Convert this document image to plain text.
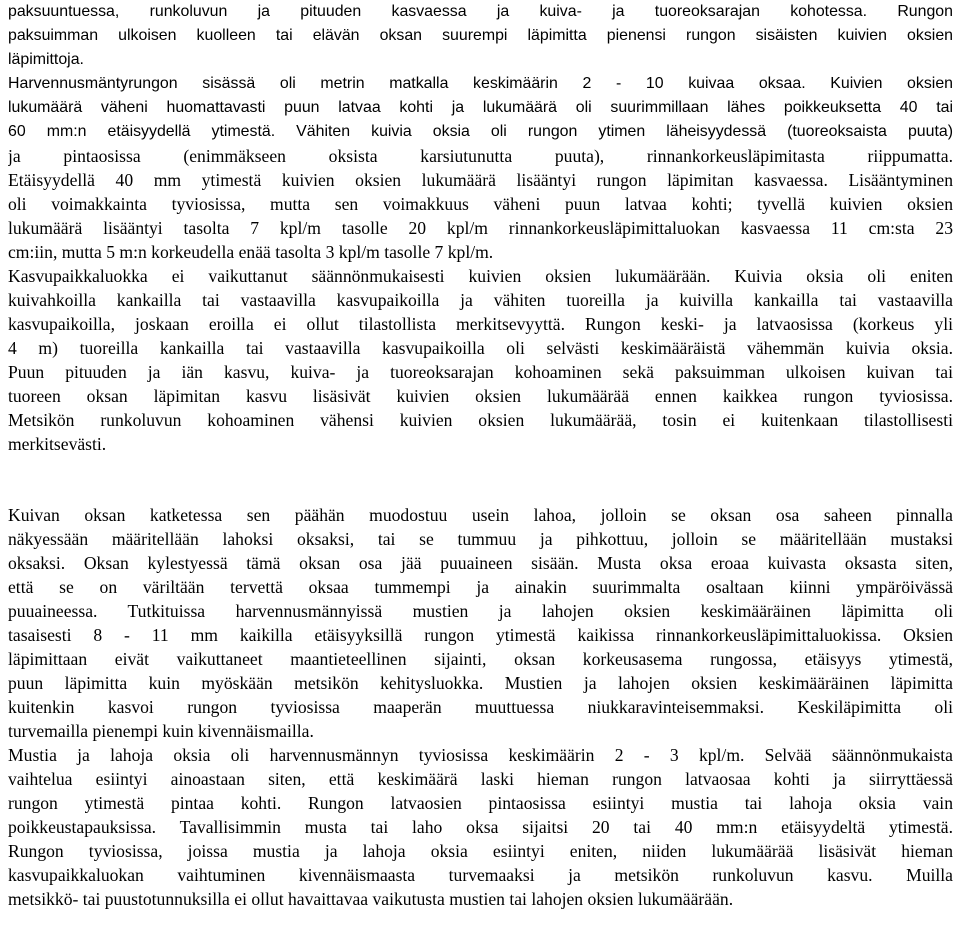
paksuuntuessa, runkoluvun ja pituuden kasvaessa ja kuiva- ja tuoreoksarajan kohotessa. Rungon
paksuimman ulkoisen kuolleen tai elävän oksan suurempi läpimitta pienensi rungon sisäisten kuivien oksien
läpimittoja.
Harvennusmäntyrungon sisässä oli metrin matkalla keskimäärin 2 - 10 kuivaa oksaa. Kuivien oksien
lukumäärä väheni huomattavasti puun latvaa kohti ja lukumäärä oli suurimmillaan lähes poikkeuksetta 40 tai
60 mm:n etäisyydellä ytimestä. Vähiten kuivia oksia oli rungon ytimen läheisyydessä (tuoreoksaista puuta)
ja pintaosissa (enimmäkseen oksista karsiutunutta puuta), rinnankorkeusläpimitasta riippumatta.
Etäisyydellä 40 mm ytimestä kuivien oksien lukumäärä lisääntyi rungon läpimitan kasvaessa. Lisääntyminen
oli voimakkainta tyviosissa, mutta sen voimakkuus väheni puun latvaa kohti; tyvellä kuivien oksien
lukumäärä lisääntyi tasolta 7 kpl/m tasolle 20 kpl/m rinnankorkeusläpimittaluokan kasvaessa 11 cm:sta 23
cm:iin, mutta 5 m:n korkeudella enää tasolta 3 kpl/m tasolle 7 kpl/m.
Kasvupaikkaluokka ei vaikuttanut säännönmukaisesti kuivien oksien lukumäärään. Kuivia oksia oli eniten
kuivahkoilla kankailla tai vastaavilla kasvupaikoilla ja vähiten tuoreilla ja kuivilla kankailla tai vastaavilla
kasvupaikoilla, joskaan eroilla ei ollut tilastollista merkitsevyyttä. Rungon keski- ja latvaosissa (korkeus yli
4 m) tuoreilla kankailla tai vastaavilla kasvupaikoilla oli selvästi keskimääräistä vähemmän kuivia oksia.
Puun pituuden ja iän kasvu, kuiva- ja tuoreoksarajan kohoaminen sekä paksuimman ulkoisen kuivan tai
tuoreen oksan läpimitan kasvu lisäsivät kuivien oksien lukumäärää ennen kaikkea rungon tyviosissa.
Metsikön runkoluvun kohoaminen vähensi kuivien oksien lukumäärää, tosin ei kuitenkaan tilastollisesti
merkitsevästi.
Kuivan oksan katketessa sen päähän muodostuu usein lahoa, jolloin se oksan osa saheen pinnalla
näkyessään määritellään lahoksi oksaksi, tai se tummuu ja pihkottuu, jolloin se määritellään mustaksi
oksaksi. Oksan kylestyessä tämä oksan osa jää puuaineen sisään. Musta oksa eroaa kuivasta oksasta siten,
että se on väriltään tervettä oksaa tummempi ja ainakin suurimmalta osaltaan kiinni ympäröivässä
puuaineessa. Tutkituissa harvennusmännyissä mustien ja lahojen oksien keskimääräinen läpimitta oli
tasaisesti 8 - 11 mm kaikilla etäisyyksillä rungon ytimestä kaikissa rinnankorkeusläpimittaluokissa. Oksien
läpimittaan eivät vaikuttaneet maantieteellinen sijainti, oksan korkeusasema rungossa, etäisyys ytimestä,
puun läpimitta kuin myöskään metsikön kehitysluokka. Mustien ja lahojen oksien keskimääräinen läpimitta
kuitenkin kasvoi rungon tyviosissa maaperän muuttuessa niukkaravinteisemmaksi. Keskiläpimitta oli
turvemailla pienempi kuin kivennäismailla.
Mustia ja lahoja oksia oli harvennusmännyn tyviosissa keskimäärin 2 - 3 kpl/m. Selvää säännönmukaista
vaihtelua esiintyi ainoastaan siten, että keskimäärä laski hieman rungon latvaosaa kohti ja siirryttäessä
rungon ytimestä pintaa kohti. Rungon latvaosien pintaosissa esiintyi mustia tai lahoja oksia vain
poikkeustapauksissa. Tavallisimmin musta tai laho oksa sijaitsi 20 tai 40 mm:n etäisyydeltä ytimestä.
Rungon tyviosissa, joissa mustia ja lahoja oksia esiintyi eniten, niiden lukumäärää lisäsivät hieman
kasvupaikkaluokan vaihtuminen kivennäismaasta turvemaaksi ja metsikön runkoluvun kasvu. Muilla
metsikkö- tai puustotunnuksilla ei ollut havaittavaa vaikutusta mustien tai lahojen oksien lukumäärään.
